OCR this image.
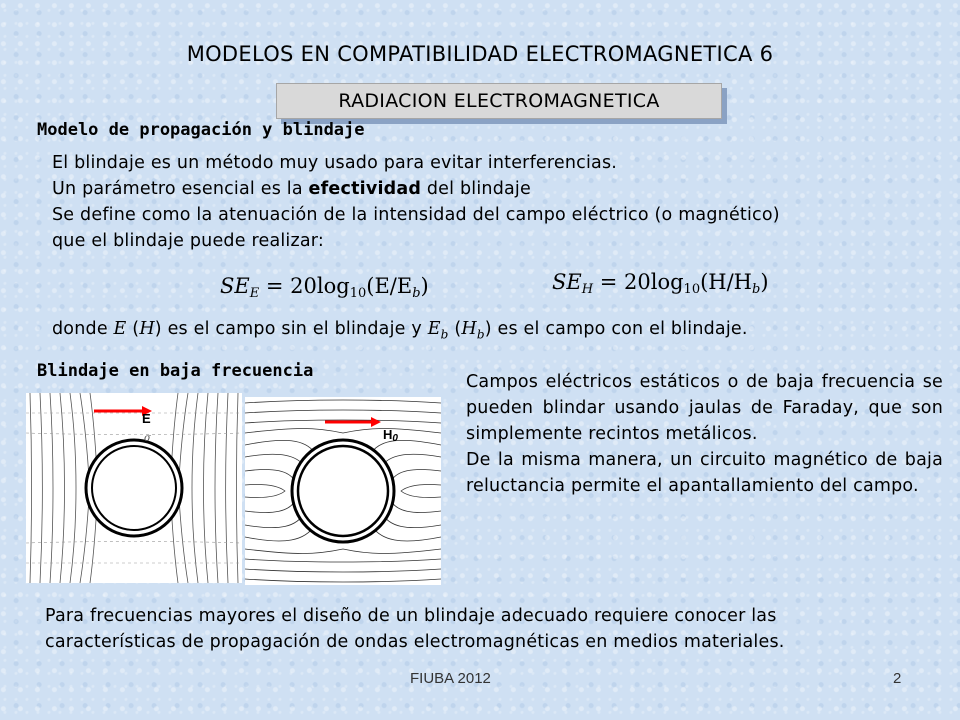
MODELOS EN COMPATIBILIDAD ELECTROMAGNETICA 6
RADIACION ELECTROMAGNETICA
Modelo de propagación y blindaje
El blindaje es un método muy usado para evitar interferencias.
Un parámetro esencial es la efectividad del blindaje
Se define como la atenuación de la intensidad del campo eléctrico (o magnético)
que el blindaje puede realizar:
$SE_E = 20\log_{10}(E/E_b)$	$SE_H = 20\log_{10}(H/H_b)$
donde E (H) es el campo sin el blindaje y $E_b$ $(H_b)$ es el campo con el blindaje.
Blindaje en baja frecuencia
E
σ	H0
Campos eléctricos estáticos o de baja frecuencia se pueden blindar usando jaulas de Faraday, que son simplemente recintos metálicos.
De la misma manera, un circuito magnético de baja reluctancia permite el apantallamiento del campo.
Para frecuencias mayores el diseño de un blindaje adecuado requiere conocer las
características de propagación de ondas electromagnéticas en medios materiales.
FIUBA 2012	2
